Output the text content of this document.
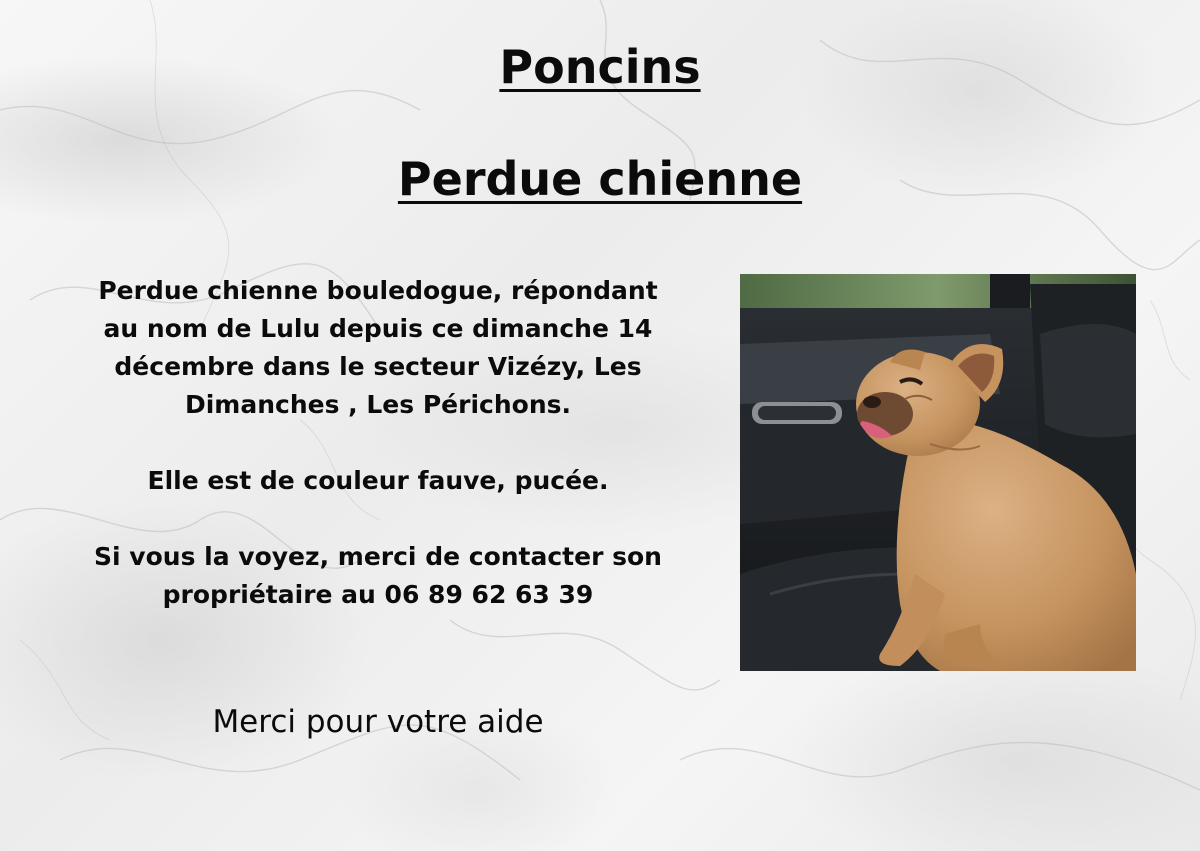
Poncins
Perdue chienne

Perdue chienne bouledogue, répondant au nom de Lulu depuis ce dimanche 14 décembre dans le secteur Vizézy, Les Dimanches , Les Périchons.

Elle est de couleur fauve, pucée.

Si vous la voyez, merci de contacter son propriétaire au 06 89 62 63 39

Merci pour votre aide
